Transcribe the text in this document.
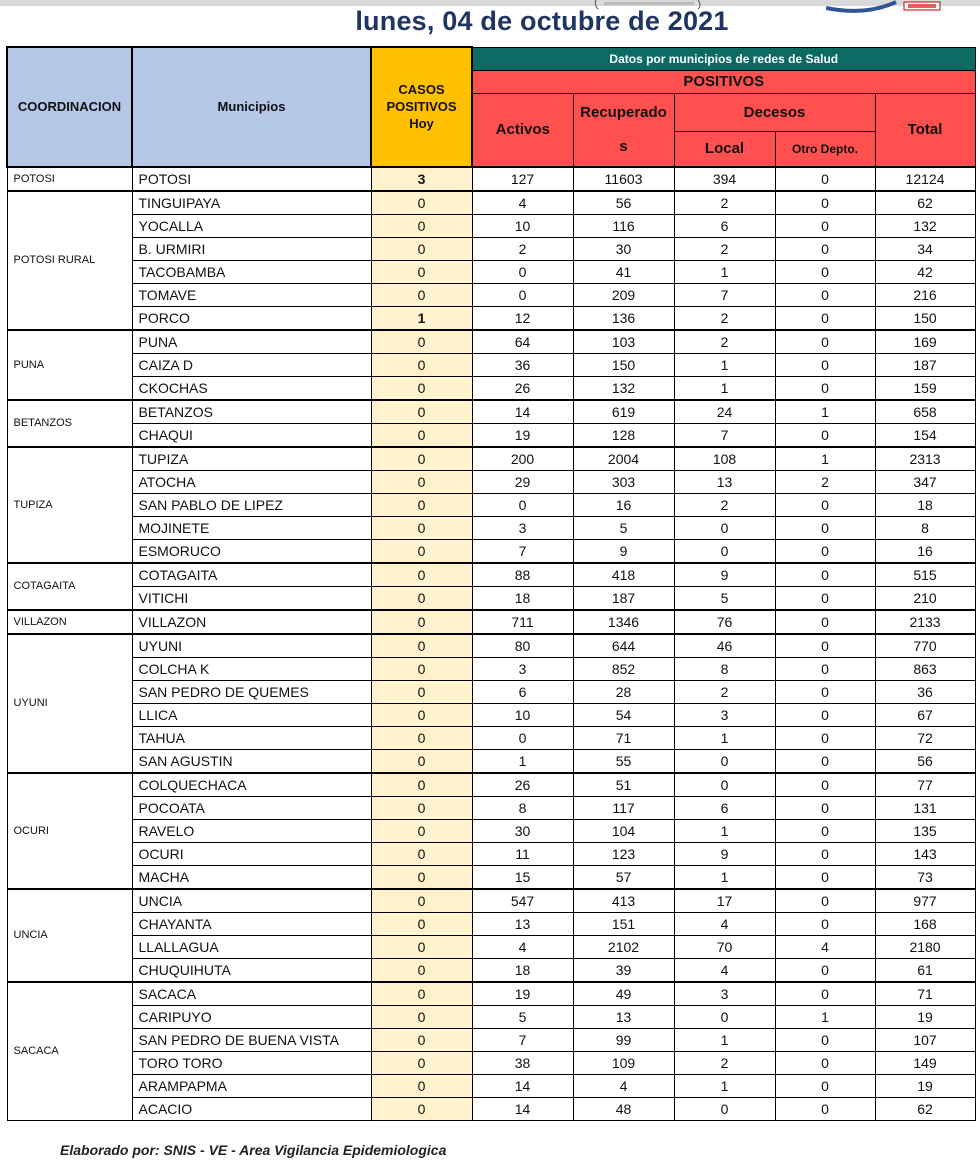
lunes, 04 de octubre de 2021
COORDINACION	Municipios	CASOS POSITIVOS Hoy	Datos por municipios de redes de Salud				
			POSITIVOS				
			Activos	Recuperado s	Decesos		Total
					Local	Otro Depto.	
POTOSI	POTOSI	3	127	11603	394	0	12124
POTOSI RURAL	TINGUIPAYA	0	4	56	2	0	62
	YOCALLA	0	10	116	6	0	132
	B. URMIRI	0	2	30	2	0	34
	TACOBAMBA	0	0	41	1	0	42
	TOMAVE	0	0	209	7	0	216
	PORCO	1	12	136	2	0	150
PUNA	PUNA	0	64	103	2	0	169
	CAIZA D	0	36	150	1	0	187
	CKOCHAS	0	26	132	1	0	159
BETANZOS	BETANZOS	0	14	619	24	1	658
	CHAQUI	0	19	128	7	0	154
TUPIZA	TUPIZA	0	200	2004	108	1	2313
	ATOCHA	0	29	303	13	2	347
	SAN PABLO DE LIPEZ	0	0	16	2	0	18
	MOJINETE	0	3	5	0	0	8
	ESMORUCO	0	7	9	0	0	16
COTAGAITA	COTAGAITA	0	88	418	9	0	515
	VITICHI	0	18	187	5	0	210
VILLAZON	VILLAZON	0	711	1346	76	0	2133
UYUNI	UYUNI	0	80	644	46	0	770
	COLCHA K	0	3	852	8	0	863
	SAN PEDRO DE QUEMES	0	6	28	2	0	36
	LLICA	0	10	54	3	0	67
	TAHUA	0	0	71	1	0	72
	SAN AGUSTIN	0	1	55	0	0	56
OCURI	COLQUECHACA	0	26	51	0	0	77
	POCOATA	0	8	117	6	0	131
	RAVELO	0	30	104	1	0	135
	OCURI	0	11	123	9	0	143
	MACHA	0	15	57	1	0	73
UNCIA	UNCIA	0	547	413	17	0	977
	CHAYANTA	0	13	151	4	0	168
	LLALLAGUA	0	4	2102	70	4	2180
	CHUQUIHUTA	0	18	39	4	0	61
SACACA	SACACA	0	19	49	3	0	71
	CARIPUYO	0	5	13	0	1	19
	SAN PEDRO DE BUENA VISTA	0	7	99	1	0	107
	TORO TORO	0	38	109	2	0	149
	ARAMPAPMA	0	14	4	1	0	19
	ACACIO	0	14	48	0	0	62
Elaborado por: SNIS - VE - Area Vigilancia Epidemiologica
